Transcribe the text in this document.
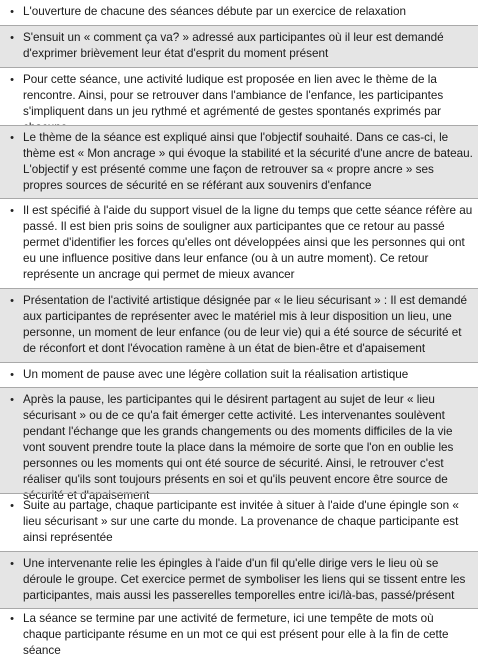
• L'ouverture de chacune des séances débute par un exercice de relaxation
• S'ensuit un « comment ça va? » adressé aux participantes où il leur est demandé d'exprimer brièvement leur état d'esprit du moment présent
• Pour cette séance, une activité ludique est proposée en lien avec le thème de la rencontre. Ainsi, pour se retrouver dans l'ambiance de l'enfance, les participantes s'impliquent dans un jeu rythmé et agrémenté de gestes spontanés exprimés par
• Le thème de la séance est expliqué ainsi que l'objectif souhaité. Dans ce cas-ci, le thème est « Mon ancrage » qui évoque la stabilité et la sécurité d'une ancre de bateau. L'objectif y est présenté comme une façon de retrouver sa « propre ancre » ses propres sources de sécurité en se référant aux souvenirs d'enfance
• Il est spécifié à l'aide du support visuel de la ligne du temps que cette séance réfère au passé. Il est bien pris soins de souligner aux participantes que ce retour au passé permet d'identifier les forces qu'elles ont développées ainsi que les personnes qui ont eu une influence positive dans leur enfance (ou à un autre moment). Ce retour représente un ancrage qui permet de mieux avancer
• Présentation de l'activité artistique désignée par « le lieu sécurisant » : Il est demandé aux participantes de représenter avec le matériel mis à leur disposition un lieu, une personne, un moment de leur enfance (ou de leur vie) qui a été source de sécurité et de réconfort et dont l'évocation ramène à un état de bien-être et d'apaisement
• Un moment de pause avec une légère collation suit la réalisation artistique
• Après la pause, les participantes qui le désirent partagent au sujet de leur « lieu sécurisant » ou de ce qu'a fait émerger cette activité. Les intervenantes soulèvent pendant l'échange que les grands changements ou des moments difficiles de la vie vont souvent prendre toute la place dans la mémoire de sorte que l'on en oublie les personnes ou les moments qui ont été source de sécurité. Ainsi, le retrouver c'est réaliser qu'ils sont toujours présents en soi et qu'ils peuvent encore être source de sécurité et d'apaisement
• Suite au partage, chaque participante est invitée à situer à l'aide d'une épingle son « lieu sécurisant » sur une carte du monde. La provenance de chaque participante est ainsi représentée
• Une intervenante relie les épingles à l'aide d'un fil qu'elle dirige vers le lieu où se déroule le groupe. Cet exercice permet de symboliser les liens qui se tissent entre les participantes, mais aussi les passerelles temporelles entre ici/là-bas, passé/présent
• La séance se termine par une activité de fermeture, ici une tempête de mots où chaque participante résume en un mot ce qui est présent pour elle à la fin de cette séance
